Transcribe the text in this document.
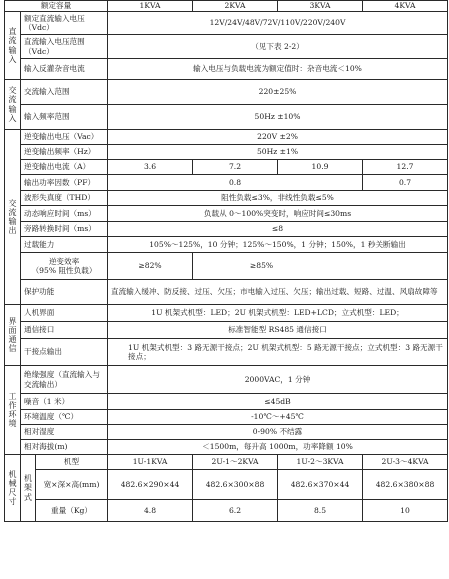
额定容量			1KVA	2KVA	3KVA	4KVA

直流输入	额定直流输入电压
（Vdc）		12V/24V/48V/72V/110V/220V/240V			
	直流输入电压范围
（Vdc）		（见下表 2-2）			
	输入反灌杂音电流		输入电压与负载电流为额定值时：杂音电流＜10%			

交流输入	交流输入范围		220±25%			
	输入频率范围		50Hz ±10%			

交流输出	逆变输出电压（Vac）		220V ±2%			
	逆变输出频率（Hz）		50Hz ±1%			
	逆变输出电流（A）		3.6	7.2	10.9	12.7
	输出功率因数（PF）		0.8			0.7
	波形失真度（THD）		阻性负载≤3%，非线性负载≤5%			
	动态响应时间（ms）		负载从 0～100%突变时，响应时间≤30ms			
	旁路转换时间（ms）		≤8			
	过载能力		105%～125%，10 分钟；125%～150%，1 分钟；150%，1 秒关断输出			
	逆变效率
（95% 阻性负载）		≥82%	≥85%		
	保护功能		直流输入缓冲、防反接、过压、欠压；市电输入过压、欠压；输出过载、短路、过温、风扇故障等			

界面通信	人机界面		1U 机架式机型：LED；2U 机架式机型：LED+LCD；立式机型：LED；			
	通信接口		标准智能型 RS485 通信接口			
	干接点输出		1U 机架式机型：3 路无源干接点；2U 机架式机型：5 路无源干接点；立式机型：3 路无源干接点；			

工作环境	绝缘强度（直流输入与交流输出）		2000VAC，1 分钟			
	噪音（1 米）		≤45dB			
	环境温度（℃）		-10℃～+45℃			
	相对湿度		0-90% 不结露			
	相对海拔(m)		＜1500m，每升高 1000m，功率降额 10%			

机械尺寸	机架式	机型	1U-1KVA	2U-1～2KVA	1U-2～3KVA	2U-3～4KVA
		宽×深×高(mm)	482.6×290×44	482.6×300×88	482.6×370×44	482.6×380×88
		重量（Kg）	4.8	6.2	8.5	10
